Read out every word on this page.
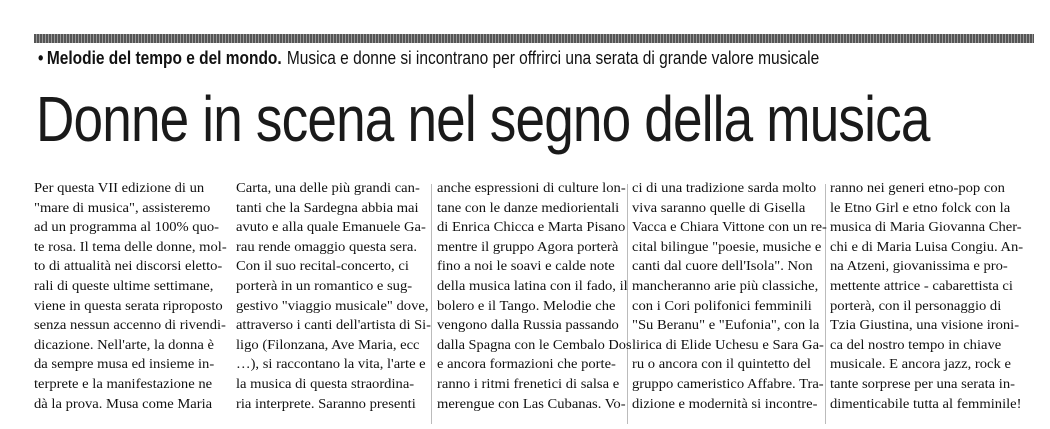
• Melodie del tempo e del mondo. Musica e donne si incontrano per offrirci una serata di grande valore musicale
Donne in scena nel segno della musica
Per questa VII edizione di un
"mare di musica", assisteremo
ad un programma al 100% quo-
te rosa. Il tema delle donne, mol-
to di attualità nei discorsi eletto-
rali di queste ultime settimane,
viene in questa serata riproposto
senza nessun accenno di rivendi-
dicazione. Nell'arte, la donna è
da sempre musa ed insieme in-
terprete e la manifestazione ne
dà la prova. Musa come Maria
Carta, una delle più grandi can-
tanti che la Sardegna abbia mai
avuto e alla quale Emanuele Ga-
rau rende omaggio questa sera.
Con il suo recital-concerto, ci
porterà in un romantico e sug-
gestivo "viaggio musicale" dove,
attraverso i canti dell'artista di Si-
ligo (Filonzana, Ave Maria, ecc
…), si raccontano la vita, l'arte e
la musica di questa straordina-
ria interprete. Saranno presenti
anche espressioni di culture lon-
tane con le danze mediorientali
di Enrica Chicca e Marta Pisano
mentre il gruppo Agora porterà
fino a noi le soavi e calde note
della musica latina con il fado, il
bolero e il Tango. Melodie che
vengono dalla Russia passando
dalla Spagna con le Cembalo Dos
e ancora formazioni che porte-
ranno i ritmi frenetici di salsa e
merengue con Las Cubanas. Vo-
ci di una tradizione sarda molto
viva saranno quelle di Gisella
Vacca e Chiara Vittone con un re-
cital bilingue "poesie, musiche e
canti dal cuore dell'Isola". Non
mancheranno arie più classiche,
con i Cori polifonici femminili
"Su Beranu" e "Eufonia", con la
lirica di Elide Uchesu e Sara Ga-
ru o ancora con il quintetto del
gruppo cameristico Affabre. Tra-
dizione e modernità si incontre-
ranno nei generi etno-pop con
le Etno Girl e etno folck con la
musica di Maria Giovanna Cher-
chi e di Maria Luisa Congiu. An-
na Atzeni, giovanissima e pro-
mettente attrice - cabarettista ci
porterà, con il personaggio di
Tzia Giustina, una visione ironi-
ca del nostro tempo in chiave
musicale. E ancora jazz, rock e
tante sorprese per una serata in-
dimenticabile tutta al femminile!
